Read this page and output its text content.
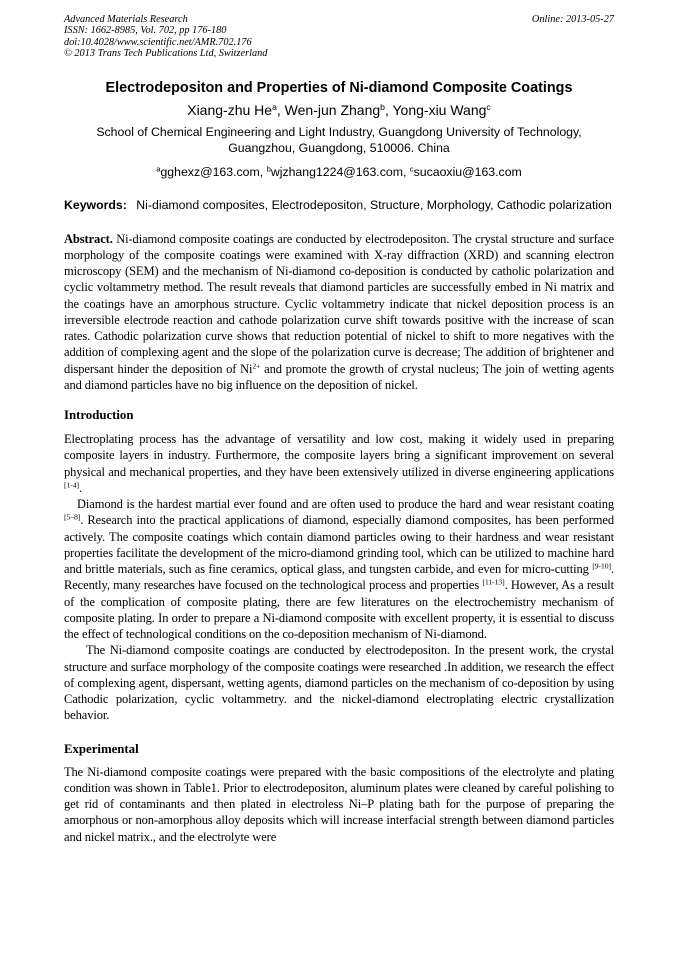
Advanced Materials Research
ISSN: 1662-8985, Vol. 702, pp 176-180
doi:10.4028/www.scientific.net/AMR.702.176
© 2013 Trans Tech Publications Ltd, Switzerland
Online: 2013-05-27
Electrodepositon and Properties of Ni-diamond Composite Coatings
Xiang-zhu He$^a$, Wen-jun Zhang$^b$, Yong-xiu Wang$^c$
School of Chemical Engineering and Light Industry, Guangdong University of Technology,
Guangzhou, Guangdong, 510006. China
$^a$gghexz@163.com, $^b$wjzhang1224@163.com, $^c$sucaoxiu@163.com
Keywords: Ni-diamond composites, Electrodepositon, Structure, Morphology, Cathodic polarization
Abstract. Ni-diamond composite coatings are conducted by electrodepositon. The crystal structure and surface morphology of the composite coatings were examined with X-ray diffraction (XRD) and scanning electron microscopy (SEM) and the mechanism of Ni-diamond co-deposition is conducted by catholic polarization and cyclic voltammetry method. The result reveals that diamond particles are successfully embed in Ni matrix and the coatings have an amorphous structure. Cyclic voltammetry indicate that nickel deposition process is an irreversible electrode reaction and cathode polarization curve shift towards positive with the increase of scan rates. Cathodic polarization curve shows that reduction potential of nickel to shift to more negatives with the addition of complexing agent and the slope of the polarization curve is decrease; The addition of brightener and dispersant hinder the deposition of $Ni^{2+}$ and promote the growth of crystal nucleus; The join of wetting agents and diamond particles have no big influence on the deposition of nickel.
Introduction
Electroplating process has the advantage of versatility and low cost, making it widely used in preparing composite layers in industry. Furthermore, the composite layers bring a significant improvement on several physical and mechanical properties, and they have been extensively utilized in diverse engineering applications [1-4].
Diamond is the hardest martial ever found and are often used to produce the hard and wear resistant coating [5–8]. Research into the practical applications of diamond, especially diamond composites, has been performed actively. The composite coatings which contain diamond particles owing to their hardness and wear resistant properties facilitate the development of the micro-diamond grinding tool, which can be utilized to machine hard and brittle materials, such as fine ceramics, optical glass, and tungsten carbide, and even for micro-cutting [9-10]. Recently, many researches have focused on the technological process and properties [11-13]. However, As a result of the complication of composite plating, there are few literatures on the electrochemistry mechanism of composite plating. In order to prepare a Ni-diamond composite with excellent property, it is essential to discuss the effect of technological conditions on the co-deposition mechanism of Ni-diamond.
The Ni-diamond composite coatings are conducted by electrodepositon. In the present work, the crystal structure and surface morphology of the composite coatings were researched .In addition, we research the effect of complexing agent, dispersant, wetting agents, diamond particles on the mechanism of co-deposition by using Cathodic polarization, cyclic voltammetry. and the nickel-diamond electroplating electric crystallization behavior.
Experimental
The Ni-diamond composite coatings were prepared with the basic compositions of the electrolyte and plating condition was shown in Table1. Prior to electrodepositon, aluminum plates were cleaned by careful polishing to get rid of contaminants and then plated in electroless Ni–P plating bath for the purpose of preparing the amorphous or non-amorphous alloy deposits which will increase interfacial strength between diamond particles and nickel matrix., and the electrolyte were
